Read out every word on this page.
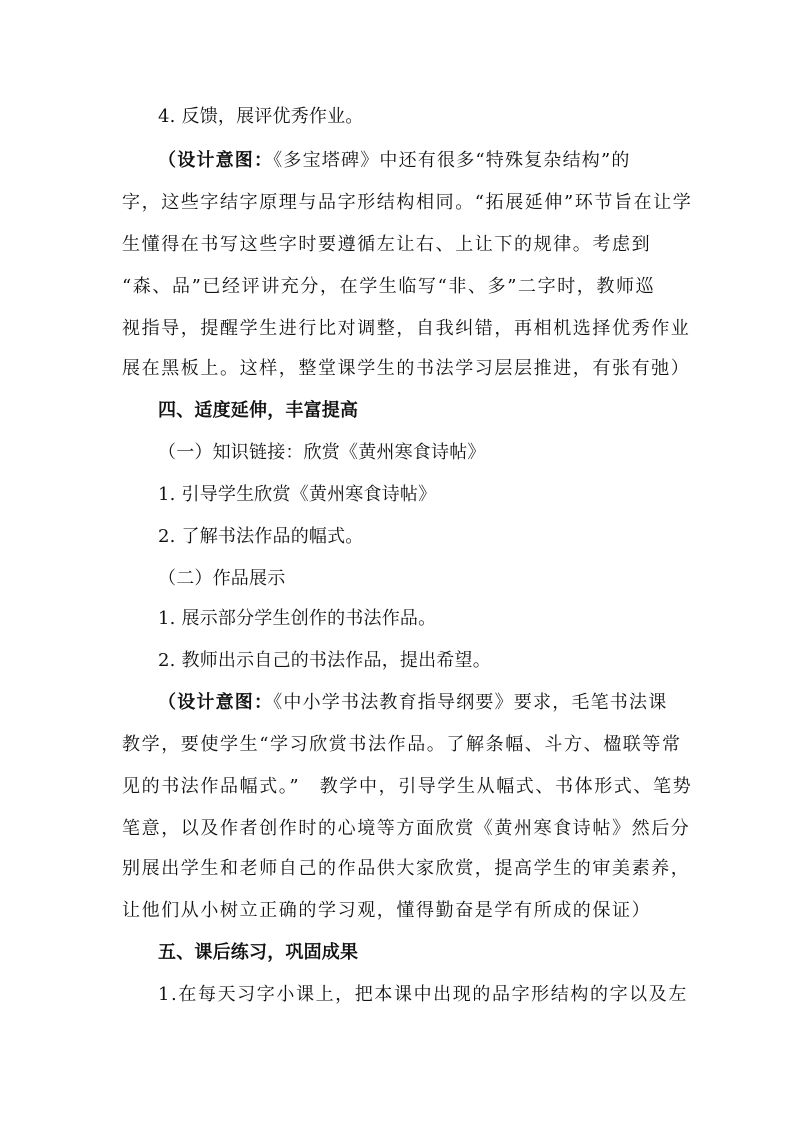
4. 反馈，展评优秀作业。
（设计意图：《多宝塔碑》中还有很多“特殊复杂结构”的
字，这些字结字原理与品字形结构相同。“拓展延伸”环节旨在让学
生懂得在书写这些字时要遵循左让右、上让下的规律。考虑到
“森、品”已经评讲充分，在学生临写“非、多”二字时，教师巡
视指导，提醒学生进行比对调整，自我纠错，再相机选择优秀作业
展在黑板上。这样，整堂课学生的书法学习层层推进，有张有弛）
四、适度延伸，丰富提高
（一）知识链接：欣赏《黄州寒食诗帖》
1. 引导学生欣赏《黄州寒食诗帖》
2. 了解书法作品的幅式。
（二）作品展示
1. 展示部分学生创作的书法作品。
2. 教师出示自己的书法作品，提出希望。
（设计意图：《中小学书法教育指导纲要》要求，毛笔书法课
教学，要使学生“学习欣赏书法作品。了解条幅、斗方、楹联等常
见的书法作品幅式。”　教学中，引导学生从幅式、书体形式、笔势
笔意，以及作者创作时的心境等方面欣赏《黄州寒食诗帖》然后分
别展出学生和老师自己的作品供大家欣赏，提高学生的审美素养，
让他们从小树立正确的学习观，懂得勤奋是学有所成的保证）
五、课后练习，巩固成果
1.在每天习字小课上，把本课中出现的品字形结构的字以及左
